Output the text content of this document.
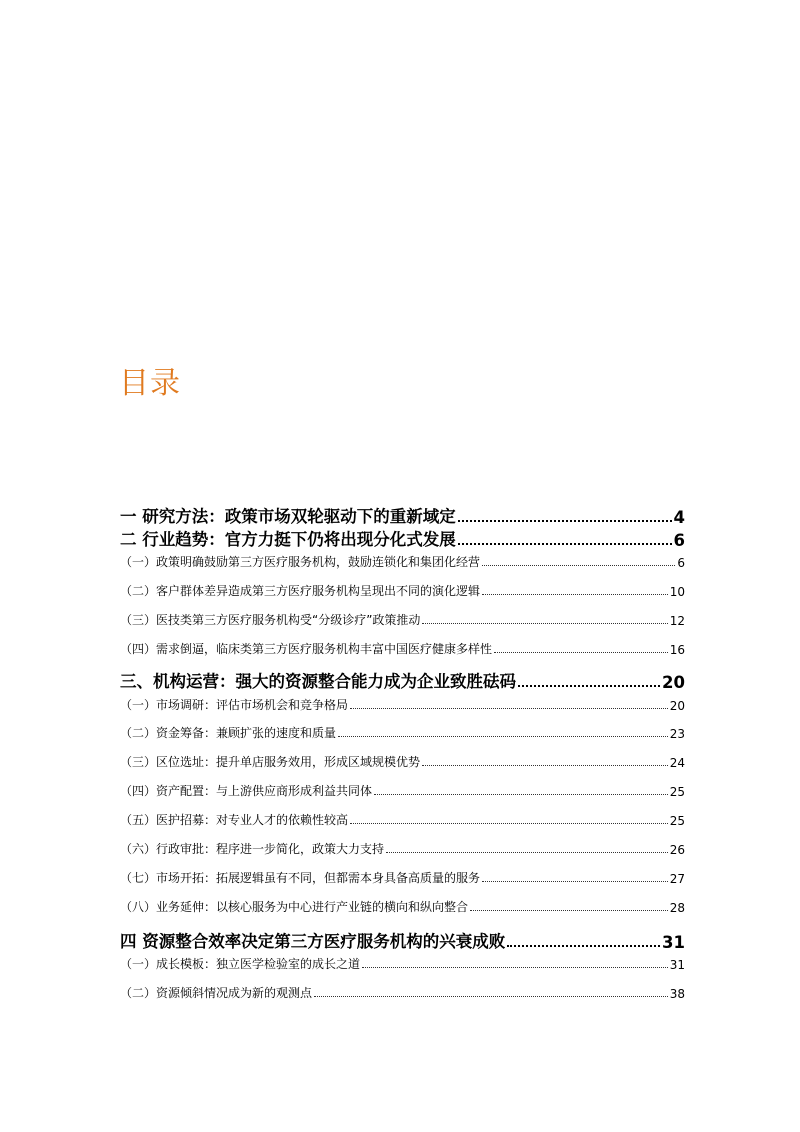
目录
一 研究方法：政策市场双轮驱动下的重新域定	4
二 行业趋势：官方力挺下仍将出现分化式发展	6
（一）政策明确鼓励第三方医疗服务机构，鼓励连锁化和集团化经营	6
（二）客户群体差异造成第三方医疗服务机构呈现出不同的演化逻辑	10
（三）医技类第三方医疗服务机构受“分级诊疗”政策推动	12
（四）需求倒逼，临床类第三方医疗服务机构丰富中国医疗健康多样性	16
三、机构运营：强大的资源整合能力成为企业致胜砝码	20
（一）市场调研：评估市场机会和竞争格局	20
（二）资金筹备：兼顾扩张的速度和质量	23
（三）区位选址：提升单店服务效用，形成区域规模优势	24
（四）资产配置：与上游供应商形成利益共同体	25
（五）医护招募：对专业人才的依赖性较高	25
（六）行政审批：程序进一步简化，政策大力支持	26
（七）市场开拓：拓展逻辑虽有不同，但都需本身具备高质量的服务	27
（八）业务延伸：以核心服务为中心进行产业链的横向和纵向整合	28
四 资源整合效率决定第三方医疗服务机构的兴衰成败	31
（一）成长模板：独立医学检验室的成长之道	31
（二）资源倾斜情况成为新的观测点	38
